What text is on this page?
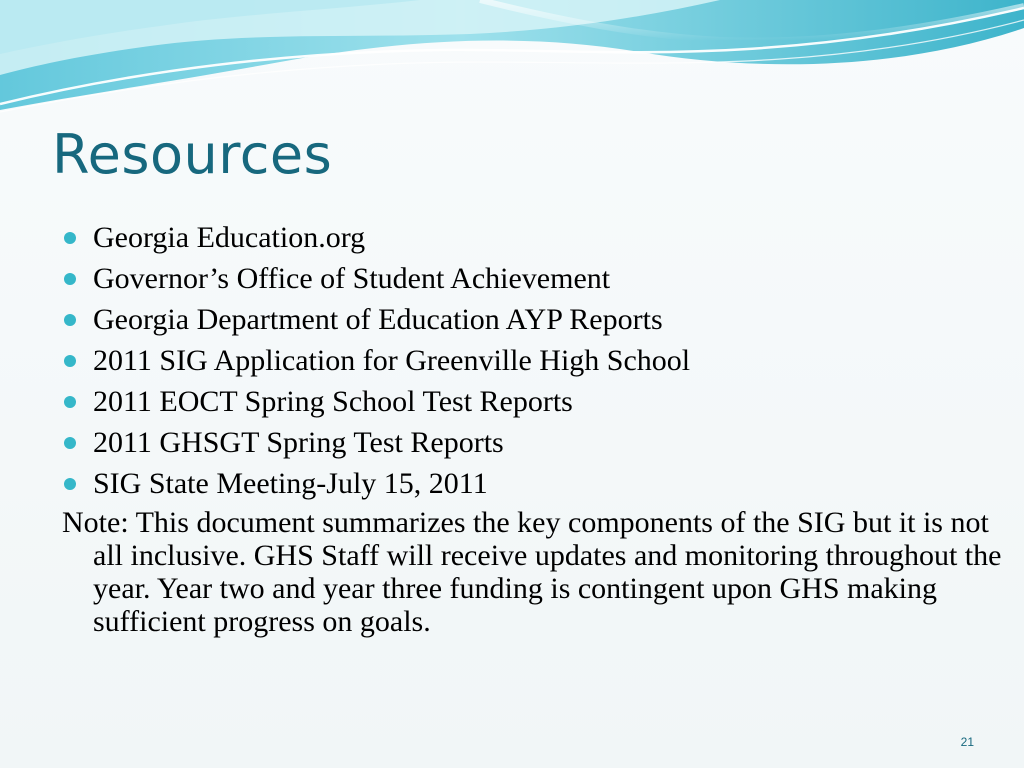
Resources
Georgia Education.org
Governor’s Office of Student Achievement
Georgia Department of Education AYP Reports
2011 SIG Application for Greenville High School
2011 EOCT Spring School Test Reports
2011 GHSGT Spring Test Reports
SIG State Meeting-July 15, 2011

Note: This document summarizes the key components of the SIG but it is not all inclusive. GHS Staff will receive updates and monitoring throughout the year. Year two and year three funding is contingent upon GHS making sufficient progress on goals.

21
